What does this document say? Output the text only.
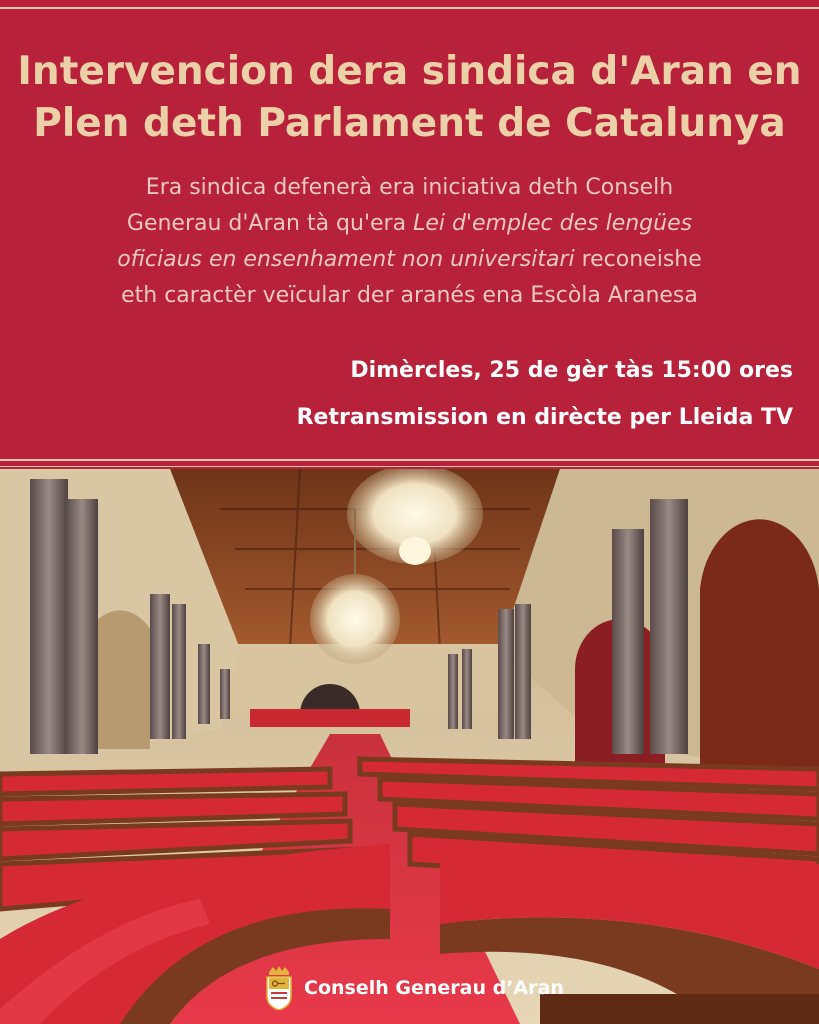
Intervencion dera sindica d'Aran en
Plen deth Parlament de Catalunya
Era sindica defenerà era iniciativa deth Conselh
Generau d'Aran tà qu'era Lei d'emplec des lengües
oficiaus en ensenhament non universitari reconeishe
eth caractèr veïcular der aranés ena Escòla Aranesa
Dimèrcles, 25 de gèr tàs 15:00 ores
Retransmission en dirècte per Lleida TV
Conselh Generau d’Aran
